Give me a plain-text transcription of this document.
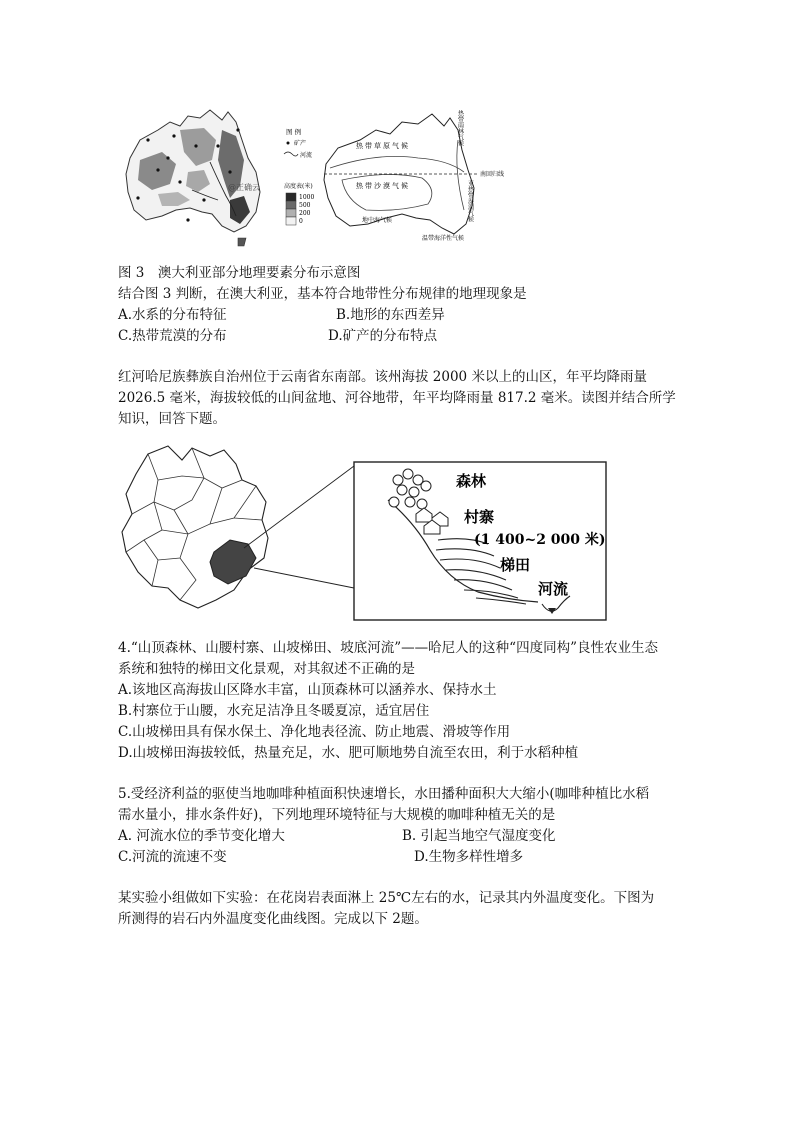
图 例
矿产
河流
高度表(米)
1000
500
200
0
@正确云
热带草原气候
热带沙漠气候
地中海气候
温带海洋性气候
南回归线
热带雨林气候
亚热带湿润气候
图 3　澳大利亚部分地理要素分布示意图
结合图 3 判断，在澳大利亚，基本符合地带性分布规律的地理现象是
A.水系的分布特征	B.地形的东西差异
C.热带荒漠的分布	D.矿产的分布特点
红河哈尼族彝族自治州位于云南省东南部。该州海拔 2000 米以上的山区，年平均降雨量
2026.5 毫米，海拔较低的山间盆地、河谷地带，年平均降雨量 817.2 毫米。读图并结合所学
知识，回答下题。
森林
村寨
(1 400~2 000 米)
梯田
河流
4.“山顶森林、山腰村寨、山坡梯田、坡底河流”——哈尼人的这种“四度同构”良性农业生态
系统和独特的梯田文化景观，对其叙述不正确的是
A.该地区高海拔山区降水丰富，山顶森林可以涵养水、保持水土
B.村寨位于山腰，水充足洁净且冬暖夏凉，适宜居住
C.山坡梯田具有保水保土、净化地表径流、防止地震、滑坡等作用
D.山坡梯田海拔较低，热量充足，水、肥可顺地势自流至农田，利于水稻种植
5.受经济利益的驱使当地咖啡种植面积快速增长，水田播种面积大大缩小(咖啡种植比水稻
需水量小，排水条件好)，下列地理环境特征与大规模的咖啡种植无关的是
A. 河流水位的季节变化增大	B. 引起当地空气湿度变化
C.河流的流速不变	D.生物多样性增多
某实验小组做如下实验：在花岗岩表面淋上 25℃左右的水，记录其内外温度变化。下图为
所测得的岩石内外温度变化曲线图。完成以下 2题。
